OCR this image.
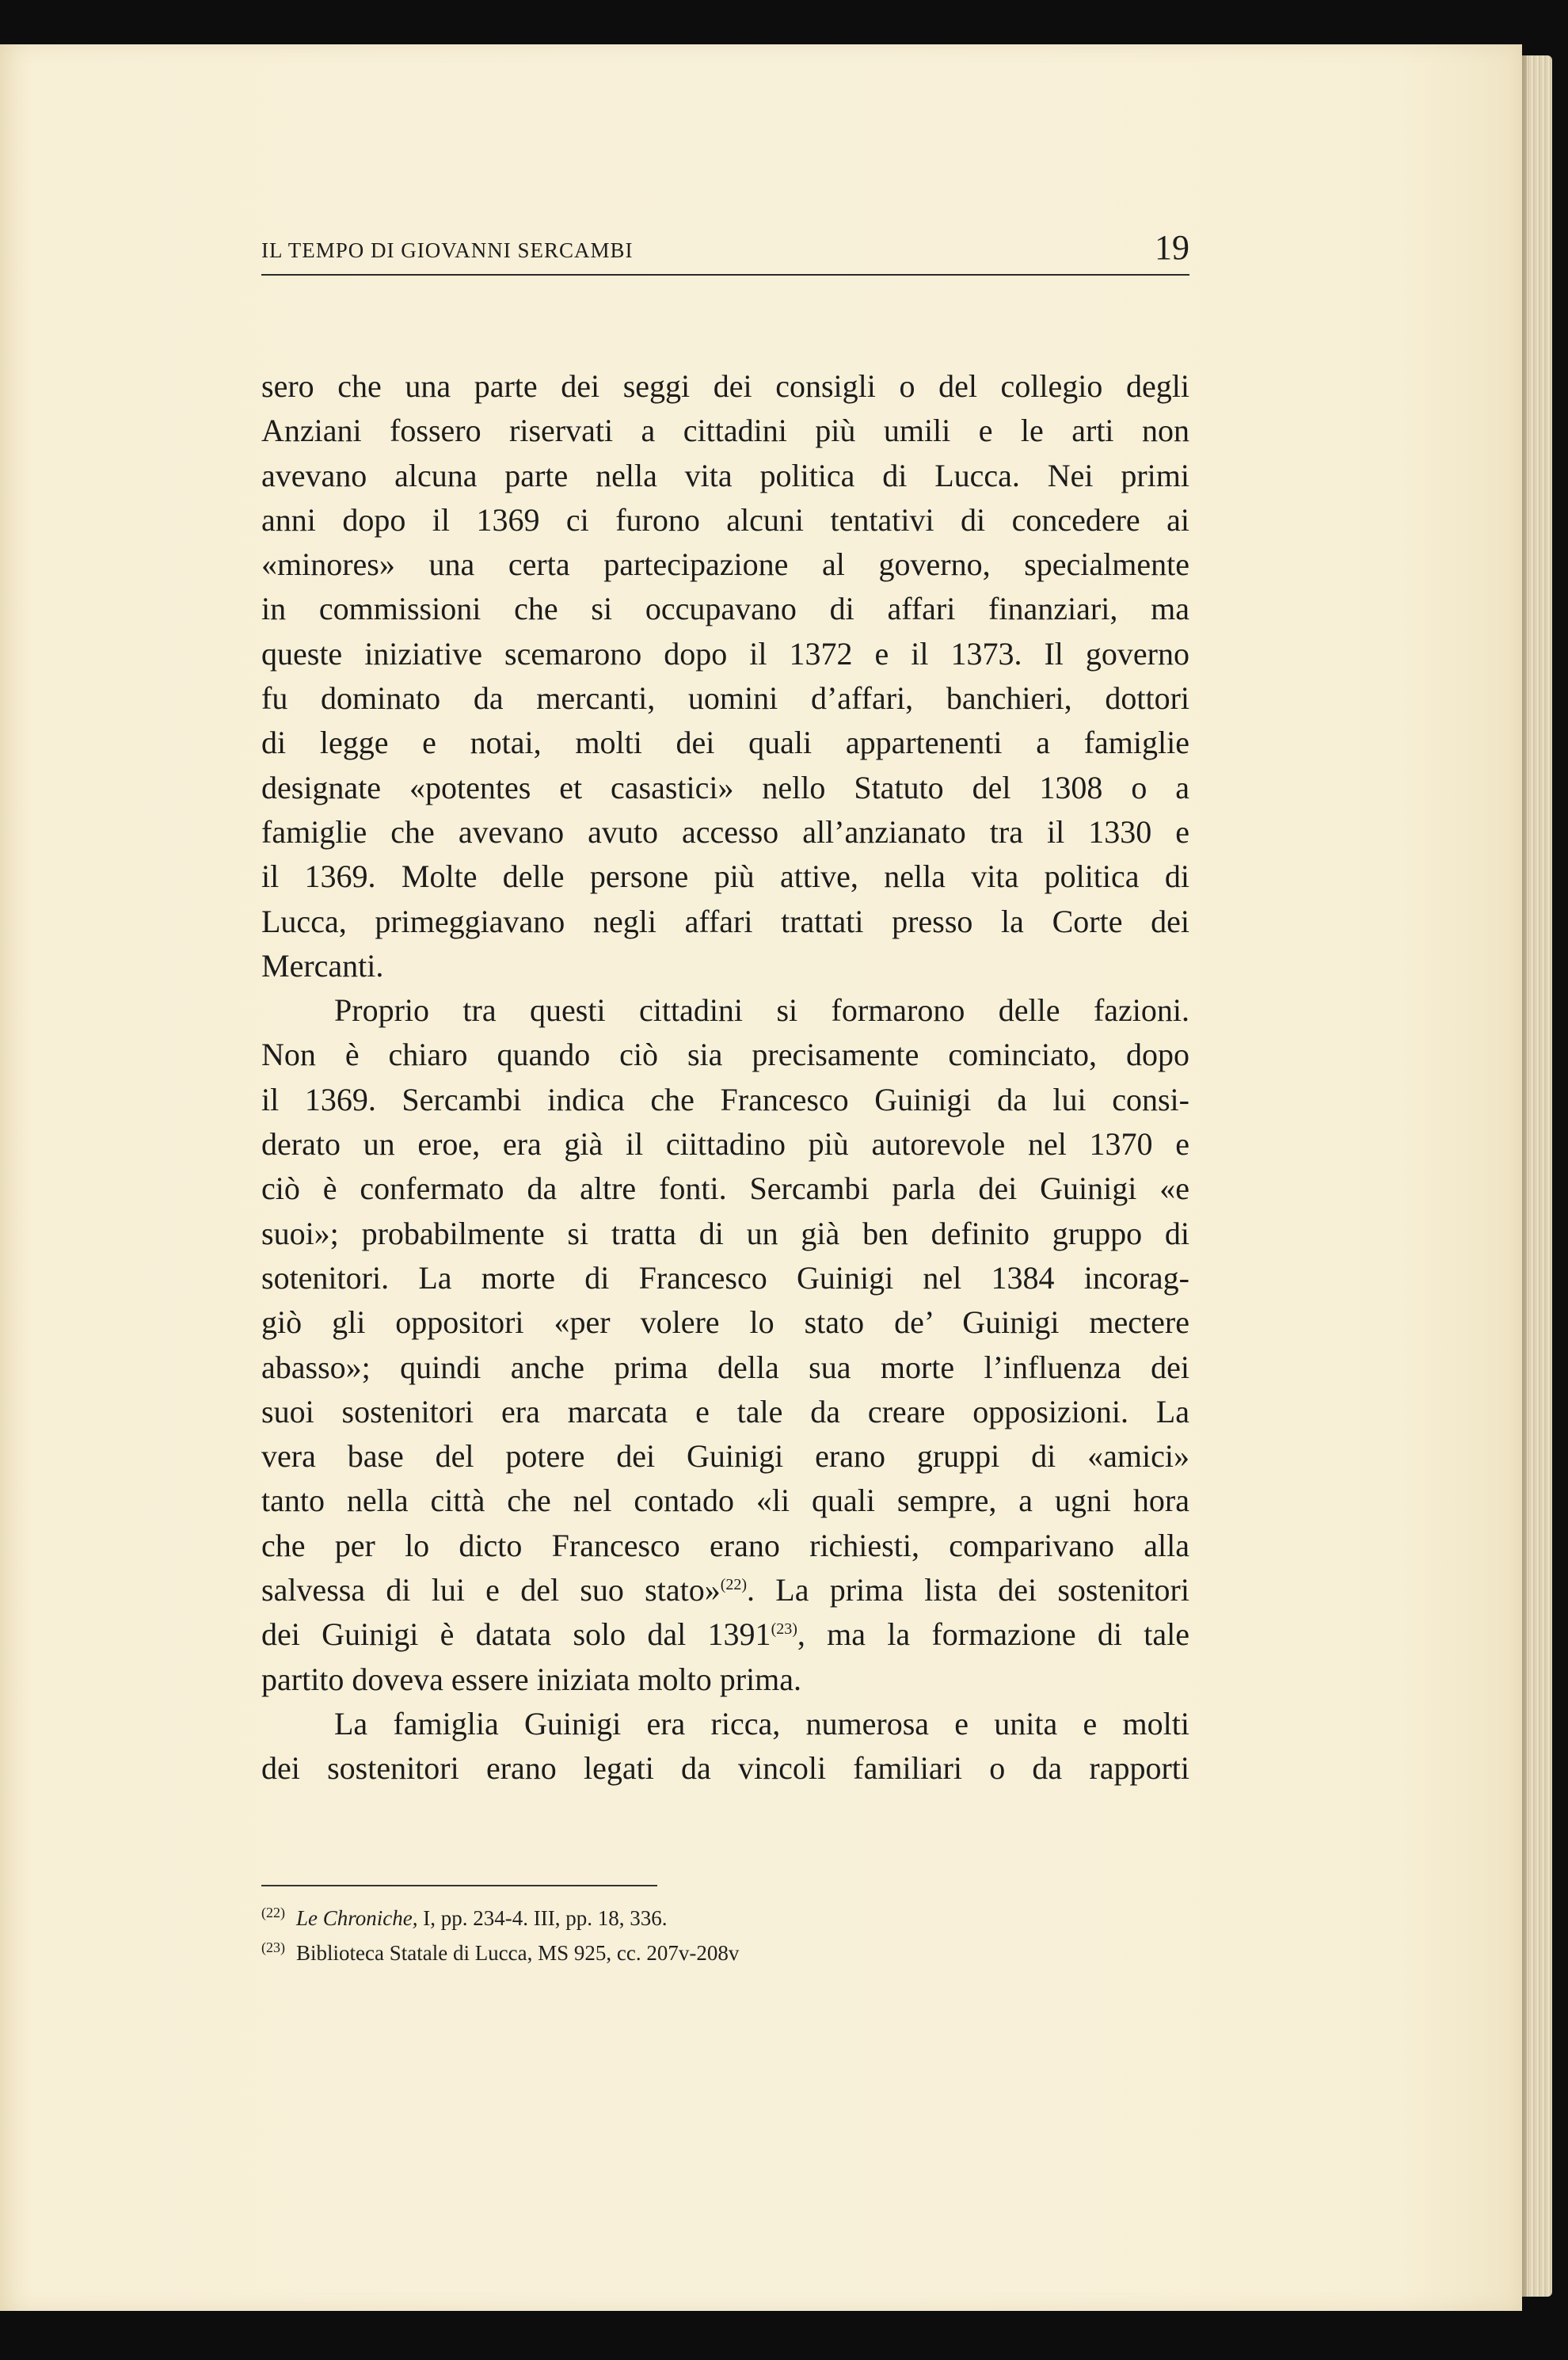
IL TEMPO DI GIOVANNI SERCAMBI	19

sero che una parte dei seggi dei consigli o del collegio degli
Anziani fossero riservati a cittadini più umili e le arti non
avevano alcuna parte nella vita politica di Lucca. Nei primi
anni dopo il 1369 ci furono alcuni tentativi di concedere ai
«minores» una certa partecipazione al governo, specialmente
in commissioni che si occupavano di affari finanziari, ma
queste iniziative scemarono dopo il 1372 e il 1373. Il governo
fu dominato da mercanti, uomini d’affari, banchieri, dottori
di legge e notai, molti dei quali appartenenti a famiglie
designate «potentes et casastici» nello Statuto del 1308 o a
famiglie che avevano avuto accesso all’anzianato tra il 1330 e
il 1369. Molte delle persone più attive, nella vita politica di
Lucca, primeggiavano negli affari trattati presso la Corte dei
Mercanti.

Proprio tra questi cittadini si formarono delle fazioni.
Non è chiaro quando ciò sia precisamente cominciato, dopo
il 1369. Sercambi indica che Francesco Guinigi da lui consi-
derato un eroe, era già il ciittadino più autorevole nel 1370 e
ciò è confermato da altre fonti. Sercambi parla dei Guinigi «e
suoi»; probabilmente si tratta di un già ben definito gruppo di
sotenitori. La morte di Francesco Guinigi nel 1384 incorag-
giò gli oppositori «per volere lo stato de’ Guinigi mectere
abasso»; quindi anche prima della sua morte l’influenza dei
suoi sostenitori era marcata e tale da creare opposizioni. La
vera base del potere dei Guinigi erano gruppi di «amici»
tanto nella città che nel contado «li quali sempre, a ugni hora
che per lo dicto Francesco erano richiesti, comparivano alla
salvessa di lui e del suo stato»$^{(22)}$. La prima lista dei sostenitori
dei Guinigi è datata solo dal 1391$^{(23)}$, ma la formazione di tale
partito doveva essere iniziata molto prima.

La famiglia Guinigi era ricca, numerosa e unita e molti
dei sostenitori erano legati da vincoli familiari o da rapporti

$^{(22)}$ Le Chroniche, I, pp. 234-4. III, pp. 18, 336.
$^{(23)}$ Biblioteca Statale di Lucca, MS 925, cc. 207v-208v
